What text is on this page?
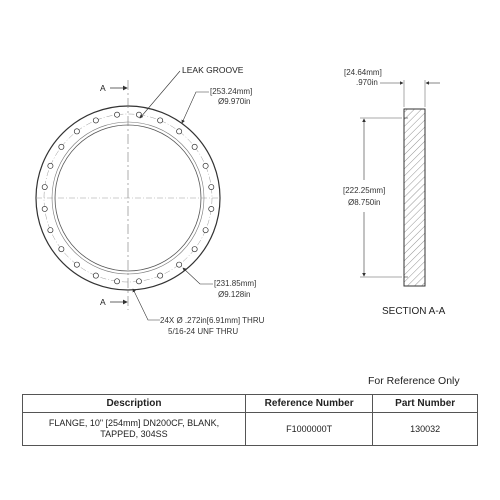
A
A
LEAK GROOVE
[253.24mm]
Ø9.970in
[231.85mm]
Ø9.128in
24X Ø .272in[6.91mm] THRU
5/16-24 UNF THRU
[24.64mm]
.970in
[222.25mm]
Ø8.750in
SECTION A-A
For Reference Only
Description	Reference Number	Part Number
FLANGE, 10" [254mm] DN200CF, BLANK,
TAPPED, 304SS	F1000000T	130032
